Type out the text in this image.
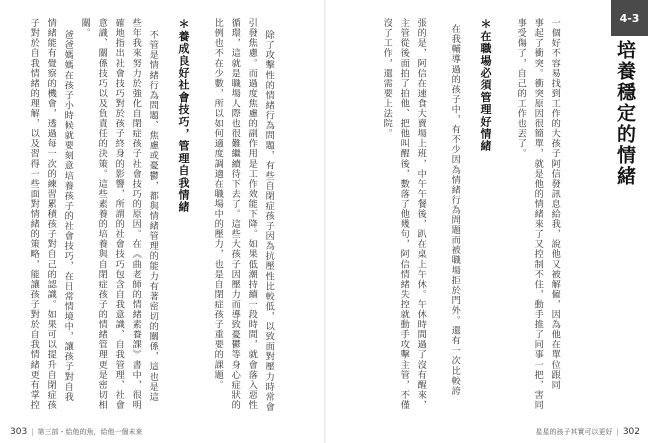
4-3
培養穩定的情緒
一個好不容易找到工作的大孩子阿信發訊息給我，說他又被解僱，因為他在單位跟同
事起了衝突。衝突原因很簡單，就是他的情緒來了又控制不住，動手推了同事一把，害同
事受傷了，自己的工作也丟了。
＊在職場必須管理好情緒
在我輔導過的孩子中，有不少因為情緒行為問題而被職場拒於門外。還有一次比較誇
張的是，阿信在速食大賣場上班，中午午餐後，趴在桌上午休。午休時間過了沒有醒來，
主管從後面拍了拍他、把他叫醒後，數落了他幾句，阿信情緒失控就動手攻擊主管，不僅
沒了工作，還需要上法院。
除了攻擊性的情緒行為問題，有些自閉症孩子因為抗壓性比較低，以致面對壓力時常會
引發焦慮。而過度焦慮的副作用是工作效能下降。如果低潮持續一段時間，就會落入惡性
循環，這就是職場人際也很難繼續待下去了。這些大孩子因壓力而導致憂鬱等身心症狀的
比例也不在少數，所以如何適度調適在職場中的壓力，也是自閉症孩子重要的課題。
＊養成良好社會技巧，管理自我情緒
不管是情緒行為問題、焦慮或憂鬱，都與情緒管理的能力有著密切的關係，這也是這
些年我來努力於強化自閉症孩子社會技巧的原因。在《曲老師的情緒素養課》書中，很明
確地指出社會技巧對於孩子終身的影響，所謂的社會技巧包含自我意識、自我管理、社會
意識、關係技巧以及負責任的決策。這些素養的培養與自閉症孩子的情緒管理更是密切相
關。
爸爸媽媽在孩子小時候就要刻意培養孩子的社會技巧，在日常情境中，讓孩子對自我
情緒能有覺察的機會，透過每一次的練習累積孩子對自己的認識。如果可以提升自閉症孩
子對於自我情緒的理解，以及習得一些面對情緒的策略，能讓孩子對於自我情緒更有掌控
303 | 第三部・給他的魚，給他一個未來	星星的孩子其實可以更好 | 302
